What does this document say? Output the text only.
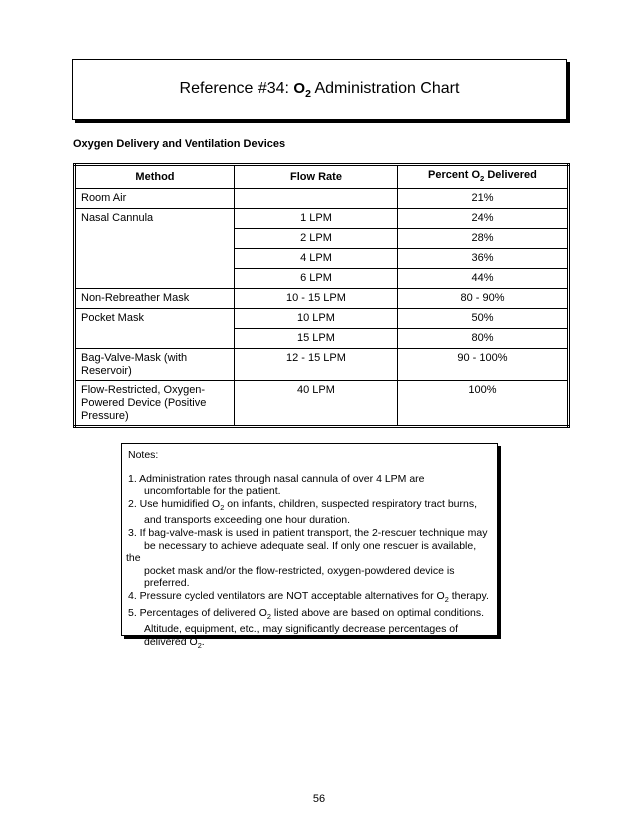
Reference #34: $O_2$ Administration Chart
Oxygen Delivery and Ventilation Devices
Method	Flow Rate	Percent $O_2$ Delivered
Room Air		21%
Nasal Cannula	1 LPM	24%
	2 LPM	28%
	4 LPM	36%
	6 LPM	44%
Non-Rebreather Mask	10 - 15 LPM	80 - 90%
Pocket Mask	10 LPM	50%
	15 LPM	80%
Bag-Valve-Mask (with
Reservoir)	12 - 15 LPM	90 - 100%
Flow-Restricted, Oxygen-
Powered Device (Positive
Pressure)	40 LPM	100%
Notes:
1. Administration rates through nasal cannula of over 4 LPM are
uncomfortable for the patient.
2. Use humidified $O_2$ on infants, children, suspected respiratory tract burns,
and transports exceeding one hour duration.
3. If bag-valve-mask is used in patient transport, the 2-rescuer technique may
be necessary to achieve adequate seal. If only one rescuer is available,
the
pocket mask and/or the flow-restricted, oxygen-powdered device is
preferred.
4. Pressure cycled ventilators are NOT acceptable alternatives for $O_2$ therapy.
5. Percentages of delivered $O_2$ listed above are based on optimal conditions.
Altitude, equipment, etc., may significantly decrease percentages of
delivered $O_2$.
56
